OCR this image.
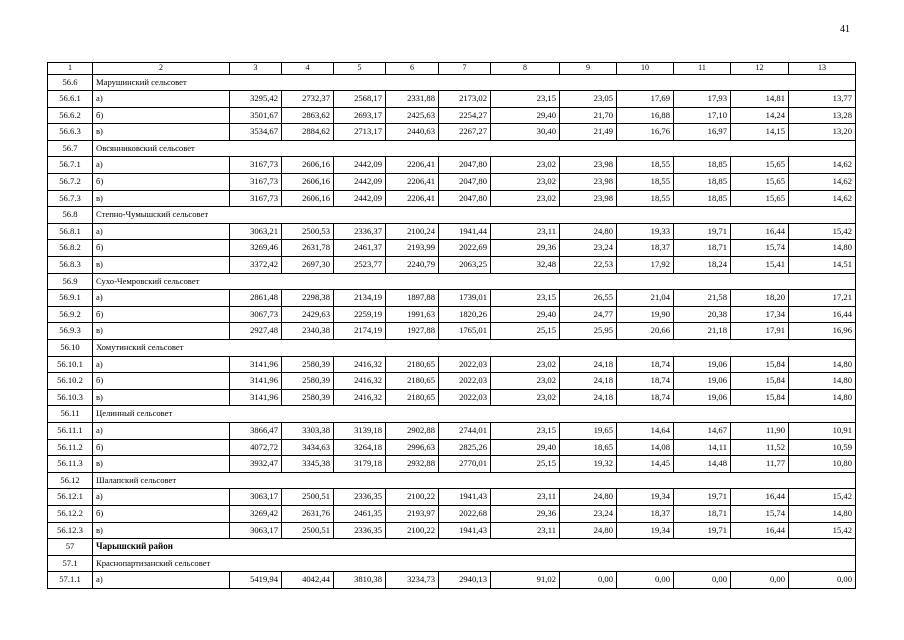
41
1	2	3	4	5	6	7	8	9	10	11	12	13
56.6	Марушинский сельсовет											
56.6.1	а)	3295,42	2732,37	2568,17	2331,88	2173,02	23,15	23,05	17,69	17,93	14,81	13,77
56.6.2	б)	3501,67	2863,62	2693,17	2425,63	2254,27	29,40	21,70	16,88	17,10	14,24	13,28
56.6.3	в)	3534,67	2884,62	2713,17	2440,63	2267,27	30,40	21,49	16,76	16,97	14,15	13,20
56.7	Овсянниковский сельсовет											
56.7.1	а)	3167,73	2606,16	2442,09	2206,41	2047,80	23,02	23,98	18,55	18,85	15,65	14,62
56.7.2	б)	3167,73	2606,16	2442,09	2206,41	2047,80	23,02	23,98	18,55	18,85	15,65	14,62
56.7.3	в)	3167,73	2606,16	2442,09	2206,41	2047,80	23,02	23,98	18,55	18,85	15,65	14,62
56.8	Степно-Чумышский сельсовет											
56.8.1	а)	3063,21	2500,53	2336,37	2100,24	1941,44	23,11	24,80	19,33	19,71	16,44	15,42
56.8.2	б)	3269,46	2631,78	2461,37	2193,99	2022,69	29,36	23,24	18,37	18,71	15,74	14,80
56.8.3	в)	3372,42	2697,30	2523,77	2240,79	2063,25	32,48	22,53	17,92	18,24	15,41	14,51
56.9	Сухо-Чемровский сельсовет											
56.9.1	а)	2861,48	2298,38	2134,19	1897,88	1739,01	23,15	26,55	21,04	21,58	18,20	17,21
56.9.2	б)	3067,73	2429,63	2259,19	1991,63	1820,26	29,40	24,77	19,90	20,38	17,34	16,44
56.9.3	в)	2927,48	2340,38	2174,19	1927,88	1765,01	25,15	25,95	20,66	21,18	17,91	16,96
56.10	Хомутинский сельсовет											
56.10.1	а)	3141,96	2580,39	2416,32	2180,65	2022,03	23,02	24,18	18,74	19,06	15,84	14,80
56.10.2	б)	3141,96	2580,39	2416,32	2180,65	2022,03	23,02	24,18	18,74	19,06	15,84	14,80
56.10.3	в)	3141,96	2580,39	2416,32	2180,65	2022,03	23,02	24,18	18,74	19,06	15,84	14,80
56.11	Целинный сельсовет											
56.11.1	а)	3866,47	3303,38	3139,18	2902,88	2744,01	23,15	19,65	14,64	14,67	11,90	10,91
56.11.2	б)	4072,72	3434,63	3264,18	2996,63	2825,26	29,40	18,65	14,08	14,11	11,52	10,59
56.11.3	в)	3932,47	3345,38	3179,18	2932,88	2770,01	25,15	19,32	14,45	14,48	11,77	10,80
56.12	Шалапский сельсовет											
56.12.1	а)	3063,17	2500,51	2336,35	2100,22	1941,43	23,11	24,80	19,34	19,71	16,44	15,42
56.12.2	б)	3269,42	2631,76	2461,35	2193,97	2022,68	29,36	23,24	18,37	18,71	15,74	14,80
56.12.3	в)	3063,17	2500,51	2336,35	2100,22	1941,43	23,11	24,80	19,34	19,71	16,44	15,42
57	Чарышский район											
57.1	Краснопартизанский сельсовет											
57.1.1	а)	5419,94	4042,44	3810,38	3234,73	2940,13	91,02	0,00	0,00	0,00	0,00	0,00
